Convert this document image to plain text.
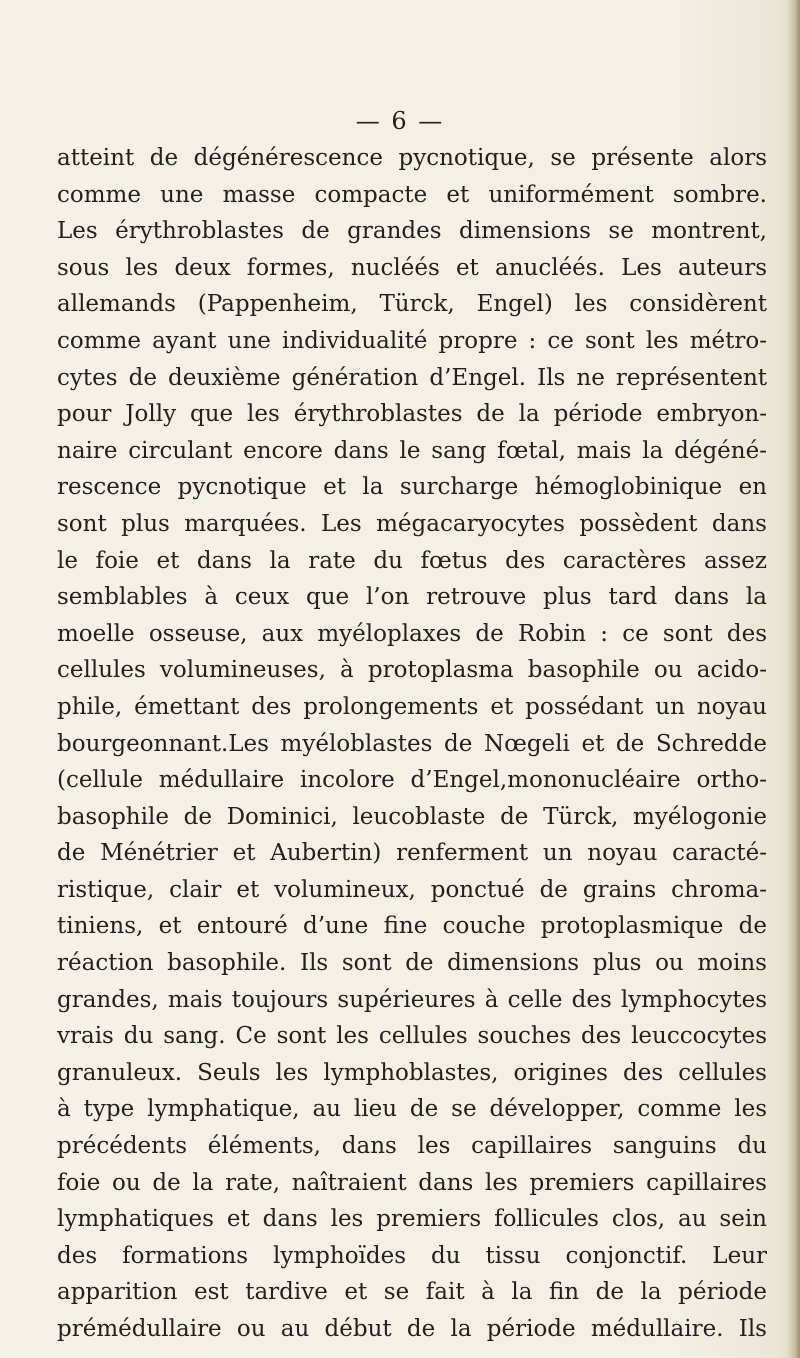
— 6 —
atteint de dégénérescence pycnotique, se présente alors
comme une masse compacte et uniformément sombre.
Les érythroblastes de grandes dimensions se montrent,
sous les deux formes, nucléés et anucléés. Les auteurs
allemands (Pappenheim, Türck, Engel) les considèrent
comme ayant une individualité propre : ce sont les métro-
cytes de deuxième génération d’Engel. Ils ne représentent
pour Jolly que les érythroblastes de la période embryon-
naire circulant encore dans le sang fœtal, mais la dégéné-
rescence pycnotique et la surcharge hémoglobinique en
sont plus marquées. Les mégacaryocytes possèdent dans
le foie et dans la rate du fœtus des caractères assez
semblables à ceux que l’on retrouve plus tard dans la
moelle osseuse, aux myéloplaxes de Robin : ce sont des
cellules volumineuses, à protoplasma basophile ou acido-
phile, émettant des prolongements et possédant un noyau
bourgeonnant.Les myéloblastes de Nœgeli et de Schredde
(cellule médullaire incolore d’Engel,mononucléaire ortho-
basophile de Dominici, leucoblaste de Türck, myélogonie
de Ménétrier et Aubertin) renferment un noyau caracté-
ristique, clair et volumineux, ponctué de grains chroma-
tiniens, et entouré d’une fine couche protoplasmique de
réaction basophile. Ils sont de dimensions plus ou moins
grandes, mais toujours supérieures à celle des lymphocytes
vrais du sang. Ce sont les cellules souches des leuccocytes
granuleux. Seuls les lymphoblastes, origines des cellules
à type lymphatique, au lieu de se développer, comme les
précédents éléments, dans les capillaires sanguins du
foie ou de la rate, naîtraient dans les premiers capillaires
lymphatiques et dans les premiers follicules clos, au sein
des formations lymphoïdes du tissu conjonctif. Leur
apparition est tardive et se fait à la fin de la période
prémédullaire ou au début de la période médullaire. Ils
